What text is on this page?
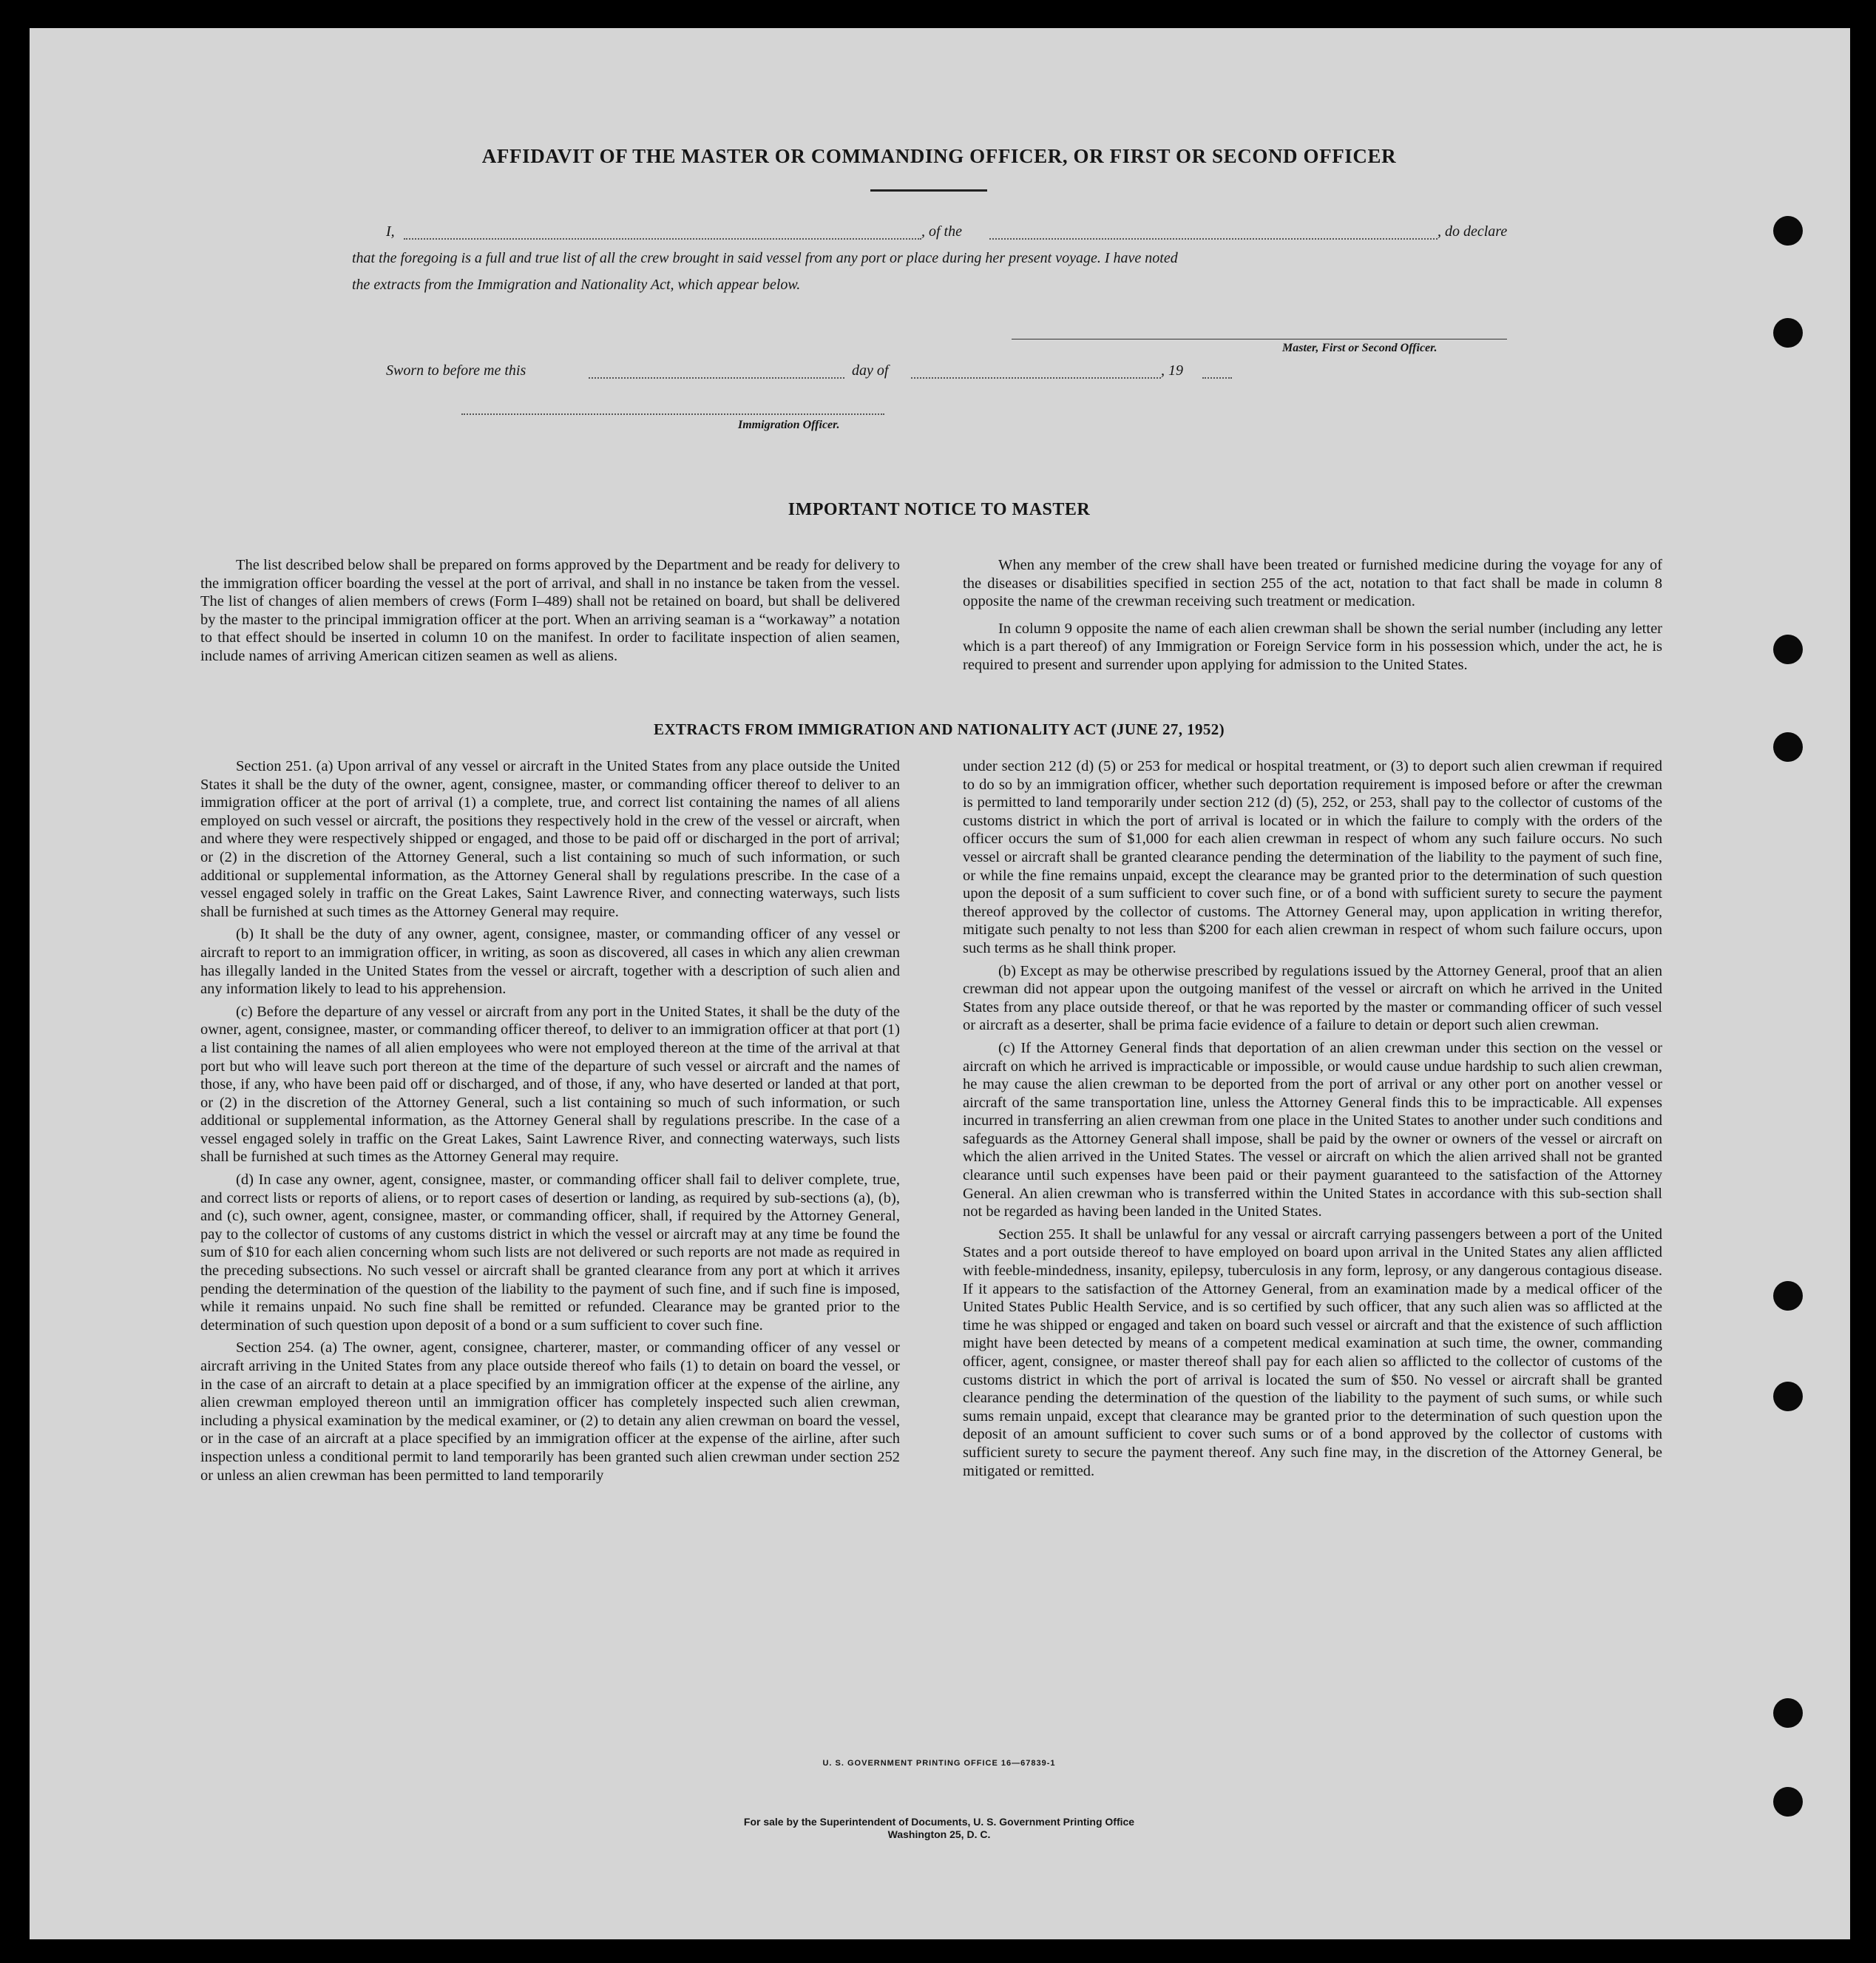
AFFIDAVIT OF THE MASTER OR COMMANDING OFFICER, OR FIRST OR SECOND OFFICER
I,	, of the	, do declare
that the foregoing is a full and true list of all the crew brought in said vessel from any port or place during her present voyage. I have noted
the extracts from the Immigration and Nationality Act, which appear below.
Master, First or Second Officer.
Sworn to before me this	day of	, 19
Immigration Officer.
IMPORTANT NOTICE TO MASTER

The list described below shall be prepared on forms approved by the Department and be ready for delivery to the immigration officer boarding the vessel at the port of arrival, and shall in no instance be taken from the vessel. The list of changes of alien members of crews (Form I–489) shall not be retained on board, but shall be delivered by the master to the principal immigration officer at the port. When an arriving seaman is a “workaway” a notation to that effect should be inserted in column 10 on the manifest. In order to facilitate inspection of alien seamen, include names of arriving American citizen seamen as well as aliens.

When any member of the crew shall have been treated or furnished medicine during the voyage for any of the diseases or disabilities specified in section 255 of the act, notation to that fact shall be made in column 8 opposite the name of the crewman receiving such treatment or medication.

In column 9 opposite the name of each alien crewman shall be shown the serial number (including any letter which is a part thereof) of any Immigration or Foreign Service form in his possession which, under the act, he is required to present and surrender upon applying for admission to the United States.

EXTRACTS FROM IMMIGRATION AND NATIONALITY ACT (JUNE 27, 1952)

Section 251. (a) Upon arrival of any vessel or aircraft in the United States from any place outside the United States it shall be the duty of the owner, agent, consignee, master, or commanding officer thereof to deliver to an immigration officer at the port of arrival (1) a complete, true, and correct list containing the names of all aliens employed on such vessel or aircraft, the positions they respectively hold in the crew of the vessel or aircraft, when and where they were respectively shipped or engaged, and those to be paid off or discharged in the port of arrival; or (2) in the discretion of the Attorney General, such a list containing so much of such information, or such additional or supplemental information, as the Attorney General shall by regulations prescribe. In the case of a vessel engaged solely in traffic on the Great Lakes, Saint Lawrence River, and connecting waterways, such lists shall be furnished at such times as the Attorney General may require.

(b) It shall be the duty of any owner, agent, consignee, master, or commanding officer of any vessel or aircraft to report to an immigration officer, in writing, as soon as discovered, all cases in which any alien crewman has illegally landed in the United States from the vessel or aircraft, together with a description of such alien and any information likely to lead to his apprehension.

(c) Before the departure of any vessel or aircraft from any port in the United States, it shall be the duty of the owner, agent, consignee, master, or commanding officer thereof, to deliver to an immigration officer at that port (1) a list containing the names of all alien employees who were not employed thereon at the time of the arrival at that port but who will leave such port thereon at the time of the departure of such vessel or aircraft and the names of those, if any, who have been paid off or discharged, and of those, if any, who have deserted or landed at that port, or (2) in the discretion of the Attorney General, such a list containing so much of such information, or such additional or supplemental information, as the Attorney General shall by regulations prescribe. In the case of a vessel engaged solely in traffic on the Great Lakes, Saint Lawrence River, and connecting waterways, such lists shall be furnished at such times as the Attorney General may require.

(d) In case any owner, agent, consignee, master, or commanding officer shall fail to deliver complete, true, and correct lists or reports of aliens, or to report cases of desertion or landing, as required by sub-sections (a), (b), and (c), such owner, agent, consignee, master, or commanding officer, shall, if required by the Attorney General, pay to the collector of customs of any customs district in which the vessel or aircraft may at any time be found the sum of $10 for each alien concerning whom such lists are not delivered or such reports are not made as required in the preceding subsections. No such vessel or aircraft shall be granted clearance from any port at which it arrives pending the determination of the question of the liability to the payment of such fine, and if such fine is imposed, while it remains unpaid. No such fine shall be remitted or refunded. Clearance may be granted prior to the determination of such question upon deposit of a bond or a sum sufficient to cover such fine.

Section 254. (a) The owner, agent, consignee, charterer, master, or commanding officer of any vessel or aircraft arriving in the United States from any place outside thereof who fails (1) to detain on board the vessel, or in the case of an aircraft to detain at a place specified by an immigration officer at the expense of the airline, any alien crewman employed thereon until an immigration officer has completely inspected such alien crewman, including a physical examination by the medical examiner, or (2) to detain any alien crewman on board the vessel, or in the case of an aircraft at a place specified by an immigration officer at the expense of the airline, after such inspection unless a conditional permit to land temporarily has been granted such alien crewman under section 252 or unless an alien crewman has been permitted to land temporarily

under section 212 (d) (5) or 253 for medical or hospital treatment, or (3) to deport such alien crewman if required to do so by an immigration officer, whether such deportation requirement is imposed before or after the crewman is permitted to land temporarily under section 212 (d) (5), 252, or 253, shall pay to the collector of customs of the customs district in which the port of arrival is located or in which the failure to comply with the orders of the officer occurs the sum of $1,000 for each alien crewman in respect of whom any such failure occurs. No such vessel or aircraft shall be granted clearance pending the determination of the liability to the payment of such fine, or while the fine remains unpaid, except the clearance may be granted prior to the determination of such question upon the deposit of a sum sufficient to cover such fine, or of a bond with sufficient surety to secure the payment thereof approved by the collector of customs. The Attorney General may, upon application in writing therefor, mitigate such penalty to not less than $200 for each alien crewman in respect of whom such failure occurs, upon such terms as he shall think proper.

(b) Except as may be otherwise prescribed by regulations issued by the Attorney General, proof that an alien crewman did not appear upon the outgoing manifest of the vessel or aircraft on which he arrived in the United States from any place outside thereof, or that he was reported by the master or commanding officer of such vessel or aircraft as a deserter, shall be prima facie evidence of a failure to detain or deport such alien crewman.

(c) If the Attorney General finds that deportation of an alien crewman under this section on the vessel or aircraft on which he arrived is impracticable or impossible, or would cause undue hardship to such alien crewman, he may cause the alien crewman to be deported from the port of arrival or any other port on another vessel or aircraft of the same transportation line, unless the Attorney General finds this to be impracticable. All expenses incurred in transferring an alien crewman from one place in the United States to another under such conditions and safeguards as the Attorney General shall impose, shall be paid by the owner or owners of the vessel or aircraft on which the alien arrived in the United States. The vessel or aircraft on which the alien arrived shall not be granted clearance until such expenses have been paid or their payment guaranteed to the satisfaction of the Attorney General. An alien crewman who is transferred within the United States in accordance with this sub-section shall not be regarded as having been landed in the United States.

Section 255. It shall be unlawful for any vessal or aircraft carrying passengers between a port of the United States and a port outside thereof to have employed on board upon arrival in the United States any alien afflicted with feeble-mindedness, insanity, epilepsy, tuberculosis in any form, leprosy, or any dangerous contagious disease. If it appears to the satisfaction of the Attorney General, from an examination made by a medical officer of the United States Public Health Service, and is so certified by such officer, that any such alien was so afflicted at the time he was shipped or engaged and taken on board such vessel or aircraft and that the existence of such affliction might have been detected by means of a competent medical examination at such time, the owner, commanding officer, agent, consignee, or master thereof shall pay for each alien so afflicted to the collector of customs of the customs district in which the port of arrival is located the sum of $50. No vessel or aircraft shall be granted clearance pending the determination of the question of the liability to the payment of such sums, or while such sums remain unpaid, except that clearance may be granted prior to the determination of such question upon the deposit of an amount sufficient to cover such sums or of a bond approved by the collector of customs with sufficient surety to secure the payment thereof. Any such fine may, in the discretion of the Attorney General, be mitigated or remitted.

U. S. GOVERNMENT PRINTING OFFICE 16—67839-1
For sale by the Superintendent of Documents, U. S. Government Printing Office
Washington 25, D. C.
